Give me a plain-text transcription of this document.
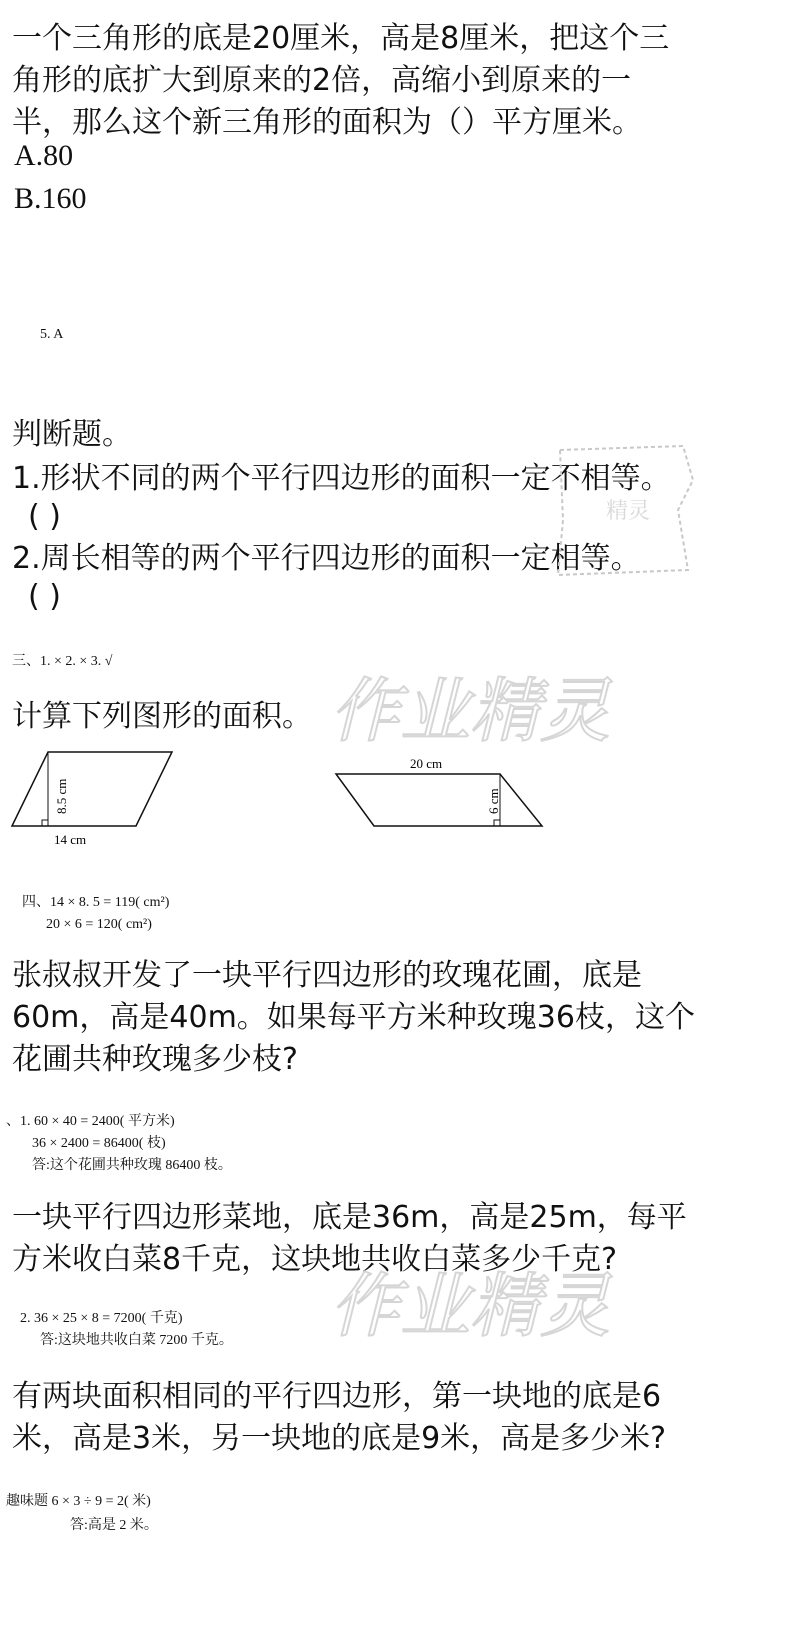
一个三角形的底是20厘米，高是8厘米，把这个三
角形的底扩大到原来的2倍，高缩小到原来的一
半，那么这个新三角形的面积为（）平方厘米。
A.80
B.160
5. A
判断题。
1.形状不同的两个平行四边形的面积一定不相等。
( )
2.周长相等的两个平行四边形的面积一定相等。
( )
三、1. × 2. × 3. √
精灵
计算下列图形的面积。
8.5 cm
14 cm
20 cm
6 cm
四、14 × 8. 5 = 119( cm²)
20 × 6 = 120( cm²)
张叔叔开发了一块平行四边形的玫瑰花圃，底是
60m，高是40m。如果每平方米种玫瑰36枝，这个
花圃共种玫瑰多少枝?
、1. 60 × 40 = 2400( 平方米)
36 × 2400 = 86400( 枝)
答:这个花圃共种玫瑰 86400 枝。
一块平行四边形菜地，底是36m，高是25m，每平
方米收白菜8千克，这块地共收白菜多少千克?
2. 36 × 25 × 8 = 7200( 千克)
答:这块地共收白菜 7200 千克。
有两块面积相同的平行四边形，第一块地的底是6
米，高是3米，另一块地的底是9米，高是多少米?
趣味题 6 × 3 ÷ 9 = 2( 米)
答:高是 2 米。
作业精灵
作业精灵
